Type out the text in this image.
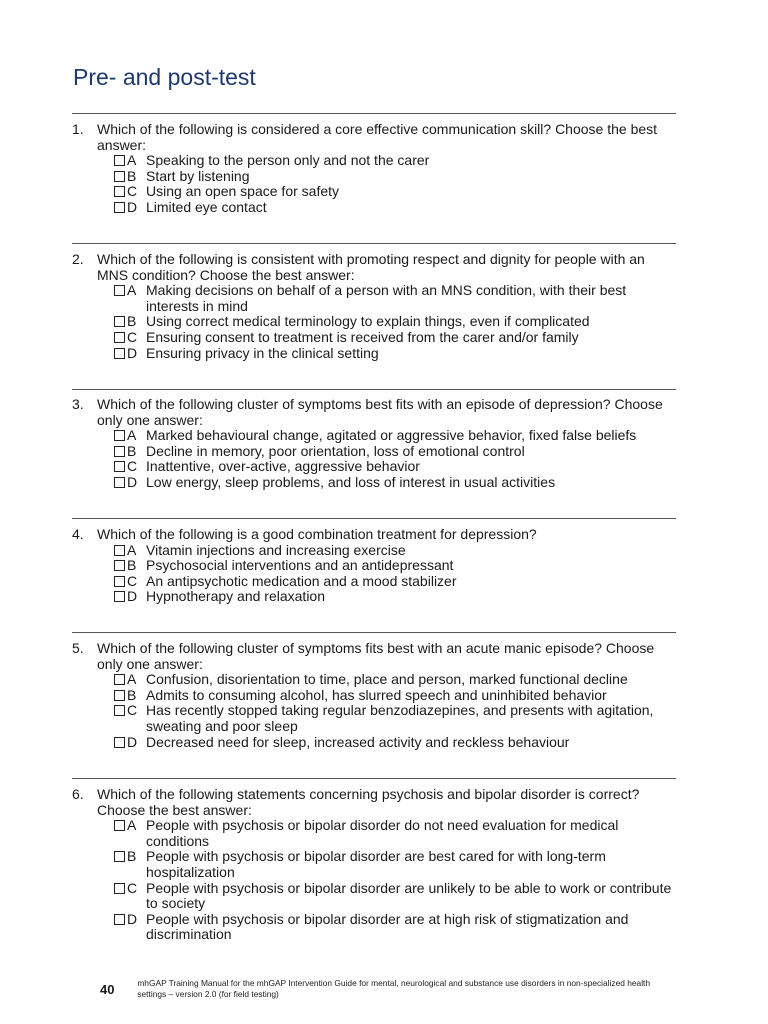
Pre- and post-test
1. Which of the following is considered a core effective communication skill? Choose the best answer:
A Speaking to the person only and not the carer
B Start by listening
C Using an open space for safety
D Limited eye contact
2. Which of the following is consistent with promoting respect and dignity for people with an MNS condition? Choose the best answer:
A Making decisions on behalf of a person with an MNS condition, with their best interests in mind
B Using correct medical terminology to explain things, even if complicated
C Ensuring consent to treatment is received from the carer and/or family
D Ensuring privacy in the clinical setting
3. Which of the following cluster of symptoms best fits with an episode of depression? Choose only one answer:
A Marked behavioural change, agitated or aggressive behavior, fixed false beliefs
B Decline in memory, poor orientation, loss of emotional control
C Inattentive, over-active, aggressive behavior
D Low energy, sleep problems, and loss of interest in usual activities
4. Which of the following is a good combination treatment for depression?
A Vitamin injections and increasing exercise
B Psychosocial interventions and an antidepressant
C An antipsychotic medication and a mood stabilizer
D Hypnotherapy and relaxation
5. Which of the following cluster of symptoms fits best with an acute manic episode? Choose only one answer:
A Confusion, disorientation to time, place and person, marked functional decline
B Admits to consuming alcohol, has slurred speech and uninhibited behavior
C Has recently stopped taking regular benzodiazepines, and presents with agitation, sweating and poor sleep
D Decreased need for sleep, increased activity and reckless behaviour
6. Which of the following statements concerning psychosis and bipolar disorder is correct? Choose the best answer:
A People with psychosis or bipolar disorder do not need evaluation for medical conditions
B People with psychosis or bipolar disorder are best cared for with long-term hospitalization
C People with psychosis or bipolar disorder are unlikely to be able to work or contribute to society
D People with psychosis or bipolar disorder are at high risk of stigmatization and discrimination
40	mhGAP Training Manual for the mhGAP Intervention Guide for mental, neurological and substance use disorders in non-specialized health settings – version 2.0 (for field testing)
